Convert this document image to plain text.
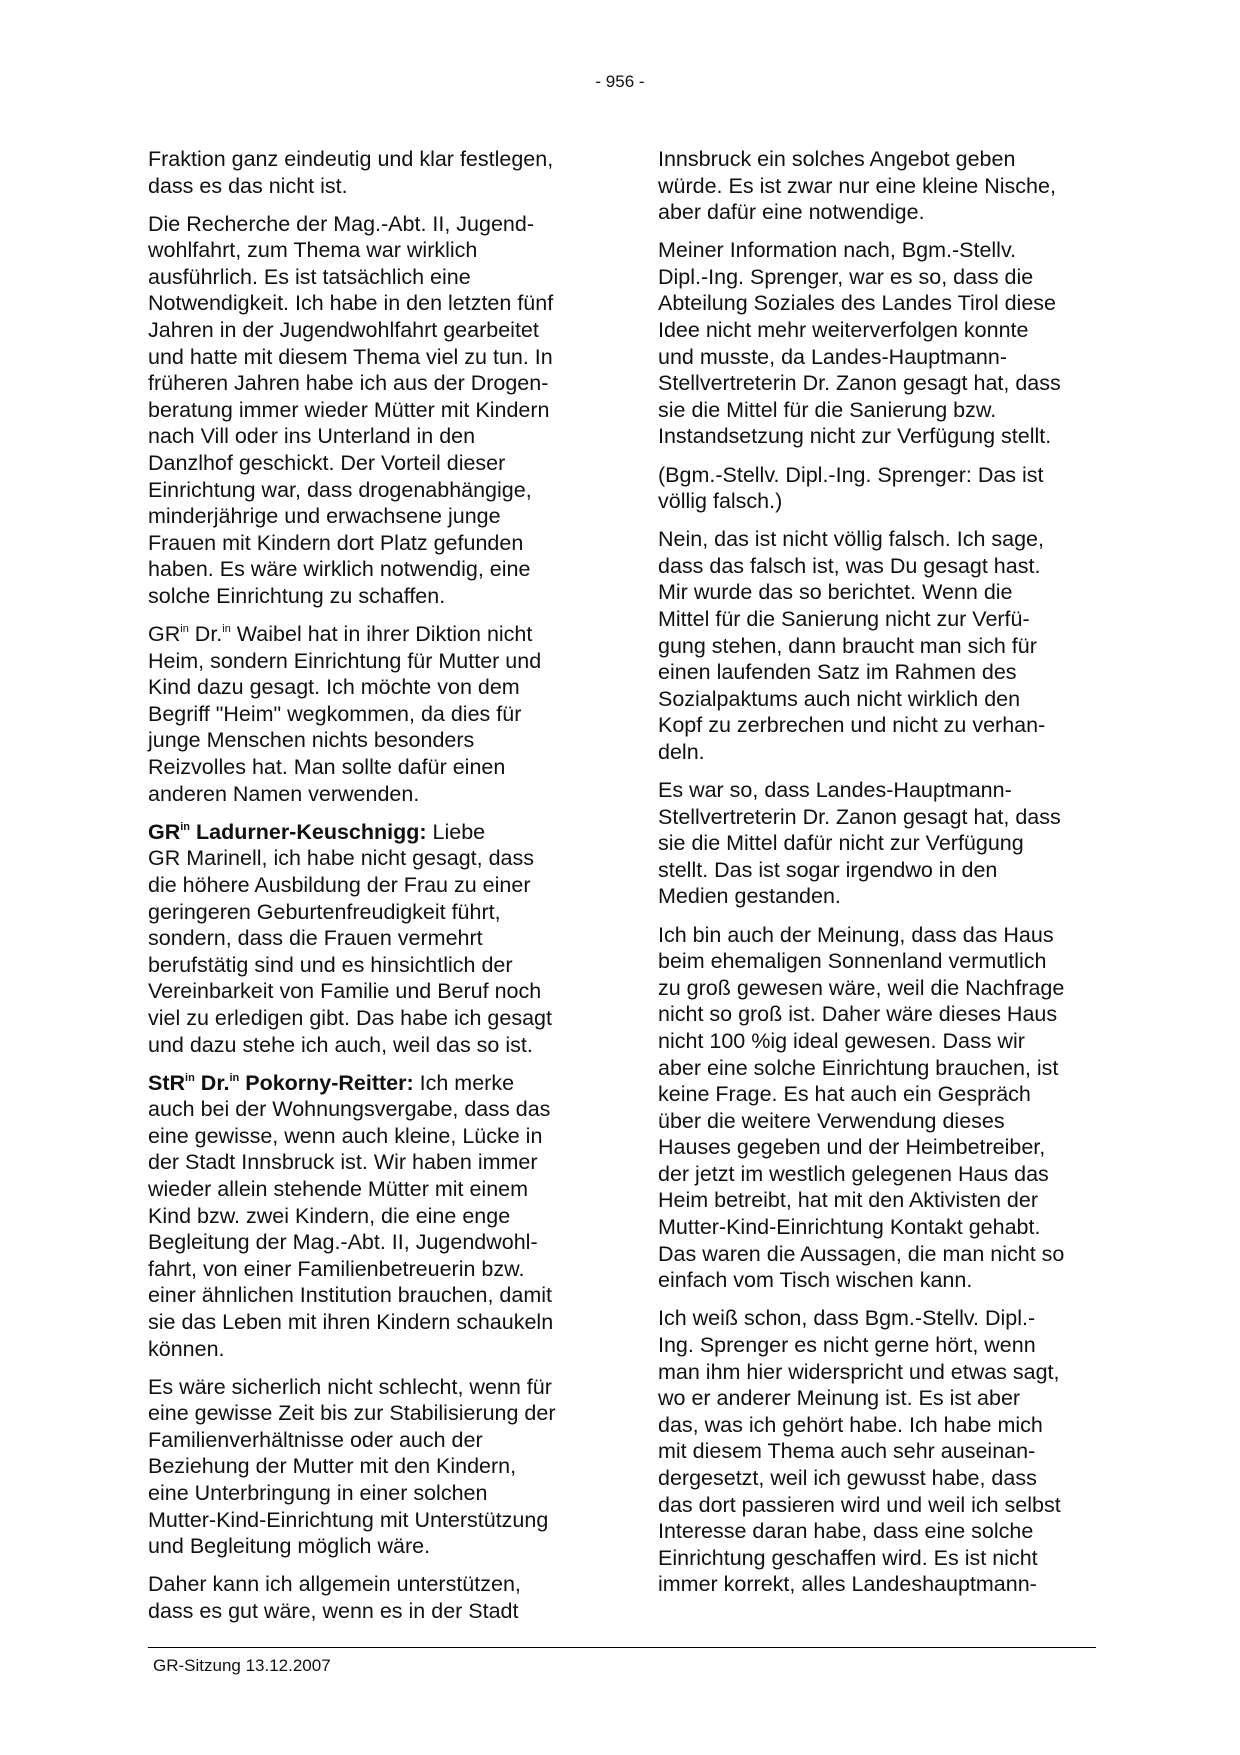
- 956 -

Fraktion ganz eindeutig und klar festlegen,
dass es das nicht ist.

Die Recherche der Mag.-Abt. II, Jugend-
wohlfahrt, zum Thema war wirklich
ausführlich. Es ist tatsächlich eine
Notwendigkeit. Ich habe in den letzten fünf
Jahren in der Jugendwohlfahrt gearbeitet
und hatte mit diesem Thema viel zu tun. In
früheren Jahren habe ich aus der Drogen-
beratung immer wieder Mütter mit Kindern
nach Vill oder ins Unterland in den
Danzlhof geschickt. Der Vorteil dieser
Einrichtung war, dass drogenabhängige,
minderjährige und erwachsene junge
Frauen mit Kindern dort Platz gefunden
haben. Es wäre wirklich notwendig, eine
solche Einrichtung zu schaffen.

$GR^{in}$ Dr.$^{in}$ Waibel hat in ihrer Diktion nicht
Heim, sondern Einrichtung für Mutter und
Kind dazu gesagt. Ich möchte von dem
Begriff "Heim" wegkommen, da dies für
junge Menschen nichts besonders
Reizvolles hat. Man sollte dafür einen
anderen Namen verwenden.

$GR^{in}$ Ladurner-Keuschnigg: Liebe
GR Marinell, ich habe nicht gesagt, dass
die höhere Ausbildung der Frau zu einer
geringeren Geburtenfreudigkeit führt,
sondern, dass die Frauen vermehrt
berufstätig sind und es hinsichtlich der
Vereinbarkeit von Familie und Beruf noch
viel zu erledigen gibt. Das habe ich gesagt
und dazu stehe ich auch, weil das so ist.

StR$^{in}$ Dr.$^{in}$ Pokorny-Reitter: Ich merke
auch bei der Wohnungsvergabe, dass das
eine gewisse, wenn auch kleine, Lücke in
der Stadt Innsbruck ist. Wir haben immer
wieder allein stehende Mütter mit einem
Kind bzw. zwei Kindern, die eine enge
Begleitung der Mag.-Abt. II, Jugendwohl-
fahrt, von einer Familienbetreuerin bzw.
einer ähnlichen Institution brauchen, damit
sie das Leben mit ihren Kindern schaukeln
können.

Es wäre sicherlich nicht schlecht, wenn für
eine gewisse Zeit bis zur Stabilisierung der
Familienverhältnisse oder auch der
Beziehung der Mutter mit den Kindern,
eine Unterbringung in einer solchen
Mutter-Kind-Einrichtung mit Unterstützung
und Begleitung möglich wäre.

Daher kann ich allgemein unterstützen,
dass es gut wäre, wenn es in der Stadt

Innsbruck ein solches Angebot geben
würde. Es ist zwar nur eine kleine Nische,
aber dafür eine notwendige.

Meiner Information nach, Bgm.-Stellv.
Dipl.-Ing. Sprenger, war es so, dass die
Abteilung Soziales des Landes Tirol diese
Idee nicht mehr weiterverfolgen konnte
und musste, da Landes-Hauptmann-
Stellvertreterin Dr. Zanon gesagt hat, dass
sie die Mittel für die Sanierung bzw.
Instandsetzung nicht zur Verfügung stellt.

(Bgm.-Stellv. Dipl.-Ing. Sprenger: Das ist
völlig falsch.)

Nein, das ist nicht völlig falsch. Ich sage,
dass das falsch ist, was Du gesagt hast.
Mir wurde das so berichtet. Wenn die
Mittel für die Sanierung nicht zur Verfü-
gung stehen, dann braucht man sich für
einen laufenden Satz im Rahmen des
Sozialpaktums auch nicht wirklich den
Kopf zu zerbrechen und nicht zu verhan-
deln.

Es war so, dass Landes-Hauptmann-
Stellvertreterin Dr. Zanon gesagt hat, dass
sie die Mittel dafür nicht zur Verfügung
stellt. Das ist sogar irgendwo in den
Medien gestanden.

Ich bin auch der Meinung, dass das Haus
beim ehemaligen Sonnenland vermutlich
zu groß gewesen wäre, weil die Nachfrage
nicht so groß ist. Daher wäre dieses Haus
nicht 100 %ig ideal gewesen. Dass wir
aber eine solche Einrichtung brauchen, ist
keine Frage. Es hat auch ein Gespräch
über die weitere Verwendung dieses
Hauses gegeben und der Heimbetreiber,
der jetzt im westlich gelegenen Haus das
Heim betreibt, hat mit den Aktivisten der
Mutter-Kind-Einrichtung Kontakt gehabt.
Das waren die Aussagen, die man nicht so
einfach vom Tisch wischen kann.

Ich weiß schon, dass Bgm.-Stellv. Dipl.-
Ing. Sprenger es nicht gerne hört, wenn
man ihm hier widerspricht und etwas sagt,
wo er anderer Meinung ist. Es ist aber
das, was ich gehört habe. Ich habe mich
mit diesem Thema auch sehr auseinan-
dergesetzt, weil ich gewusst habe, dass
das dort passieren wird und weil ich selbst
Interesse daran habe, dass eine solche
Einrichtung geschaffen wird. Es ist nicht
immer korrekt, alles Landeshauptmann-

GR-Sitzung 13.12.2007
